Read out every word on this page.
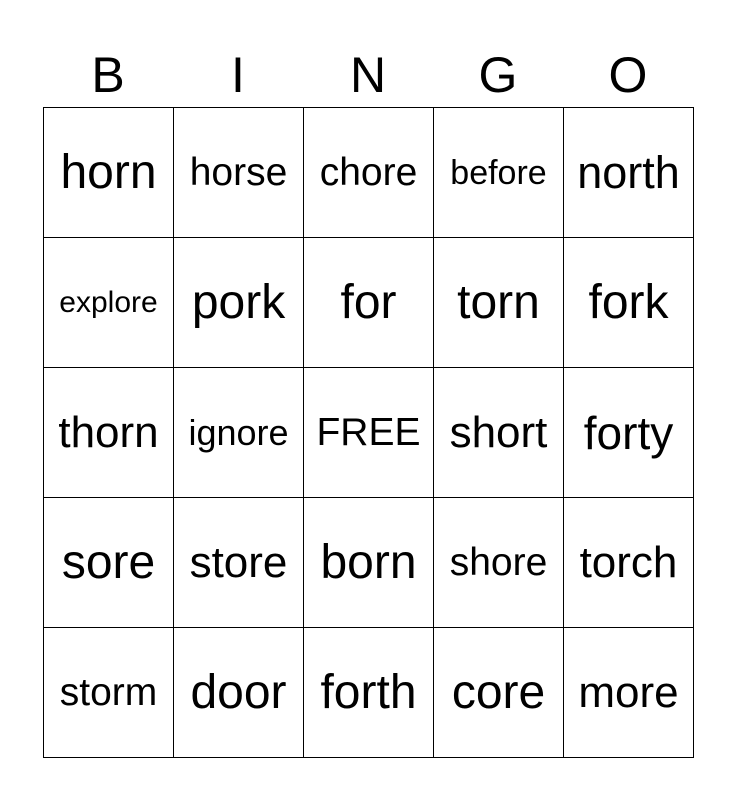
B	I	N	G	O
horn	horse	chore	before	north
explore	pork	for	torn	fork
thorn	ignore	FREE	short	forty
sore	store	born	shore	torch
storm	door	forth	core	more
